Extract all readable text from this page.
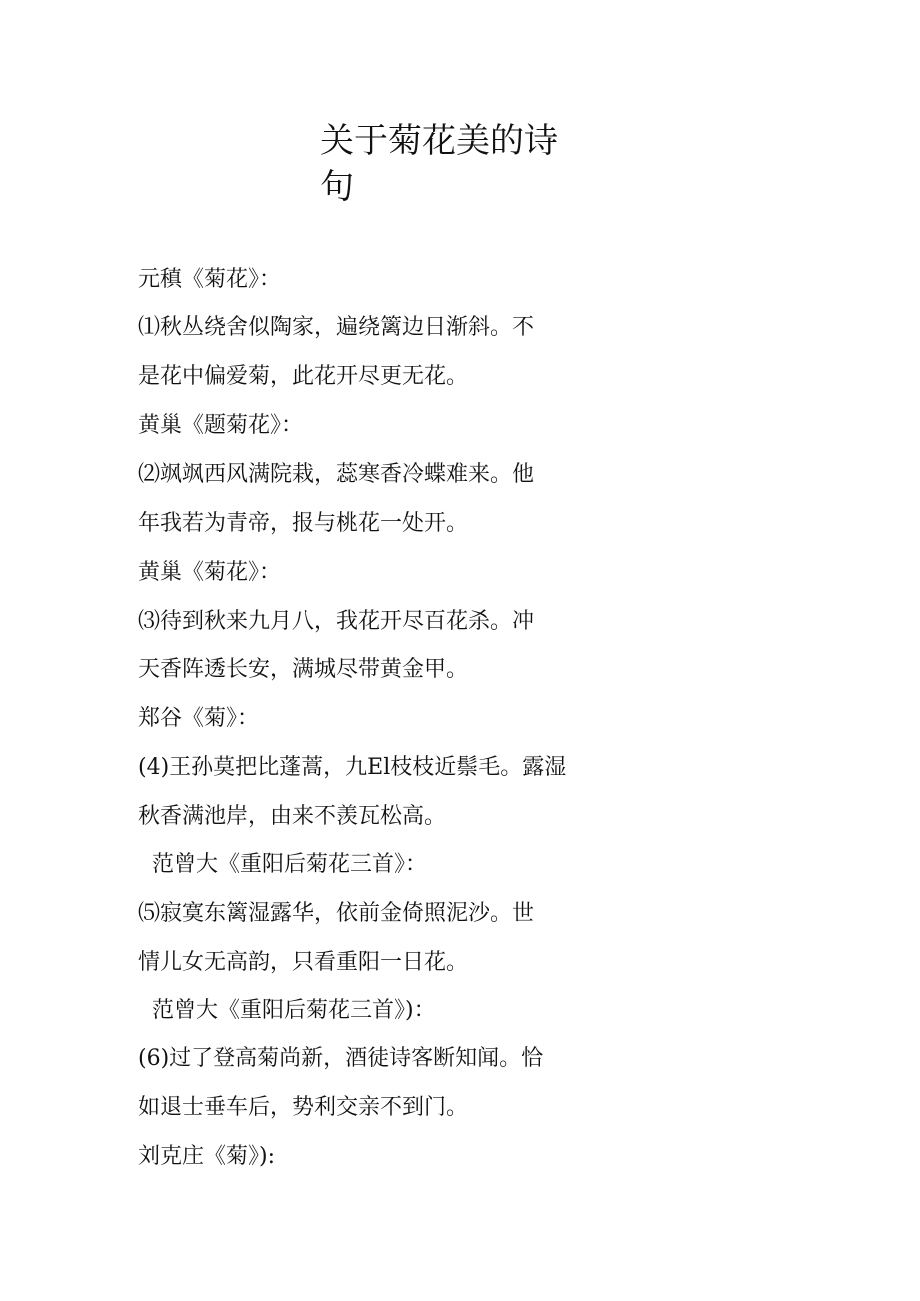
关于菊花美的诗
句

元稹《菊花》：

⑴秋丛绕舍似陶家，遍绕篱边日渐斜。不

是花中偏爱菊，此花开尽更无花。

黄巢《题菊花》：

⑵飒飒西风满院栽，蕊寒香冷蝶难来。他

年我若为青帝，报与桃花一处开。

黄巢《菊花》：

⑶待到秋来九月八，我花开尽百花杀。冲

天香阵透长安，满城尽带黄金甲。

郑谷《菊》：

(4)王孙莫把比蓬蒿，九El枝枝近鬃毛。露湿

秋香满池岸，由来不羡瓦松高。

范曾大《重阳后菊花三首》：

⑸寂寞东篱湿露华，依前金倚照泥沙。世

情儿女无高韵，只看重阳一日花。

范曾大《重阳后菊花三首》)：

(6)过了登高菊尚新，酒徒诗客断知闻。恰

如退士垂车后，势利交亲不到门。

刘克庄《菊》):
